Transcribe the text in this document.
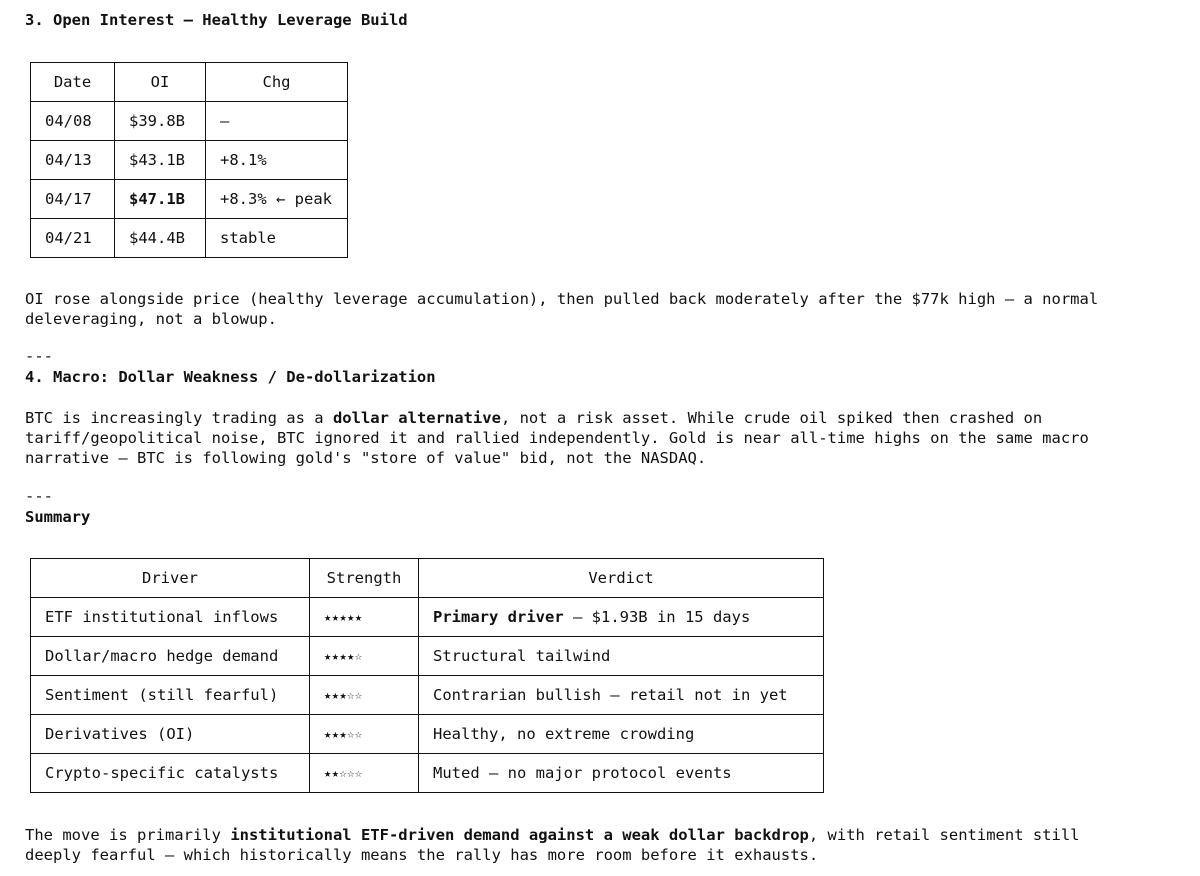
3. Open Interest — Healthy Leverage Build
Date	OI	Chg
04/08	$39.8B	—
04/13	$43.1B	+8.1%
04/17	$47.1B	+8.3% ← peak
04/21	$44.4B	stable
OI rose alongside price (healthy leverage accumulation), then pulled back moderately after the $77k high — a normal
deleveraging, not a blowup.
---
4. Macro: Dollar Weakness / De-dollarization
BTC is increasingly trading as a dollar alternative, not a risk asset. While crude oil spiked then crashed on
tariff/geopolitical noise, BTC ignored it and rallied independently. Gold is near all-time highs on the same macro
narrative — BTC is following gold's "store of value" bid, not the NASDAQ.
---
Summary
Driver	Strength	Verdict
ETF institutional inflows	★★★★★	Primary driver — $1.93B in 15 days
Dollar/macro hedge demand	★★★★☆	Structural tailwind
Sentiment (still fearful)	★★★☆☆	Contrarian bullish — retail not in yet
Derivatives (OI)	★★★☆☆	Healthy, no extreme crowding
Crypto-specific catalysts	★★☆☆☆	Muted — no major protocol events
The move is primarily institutional ETF-driven demand against a weak dollar backdrop, with retail sentiment still
deeply fearful — which historically means the rally has more room before it exhausts.
